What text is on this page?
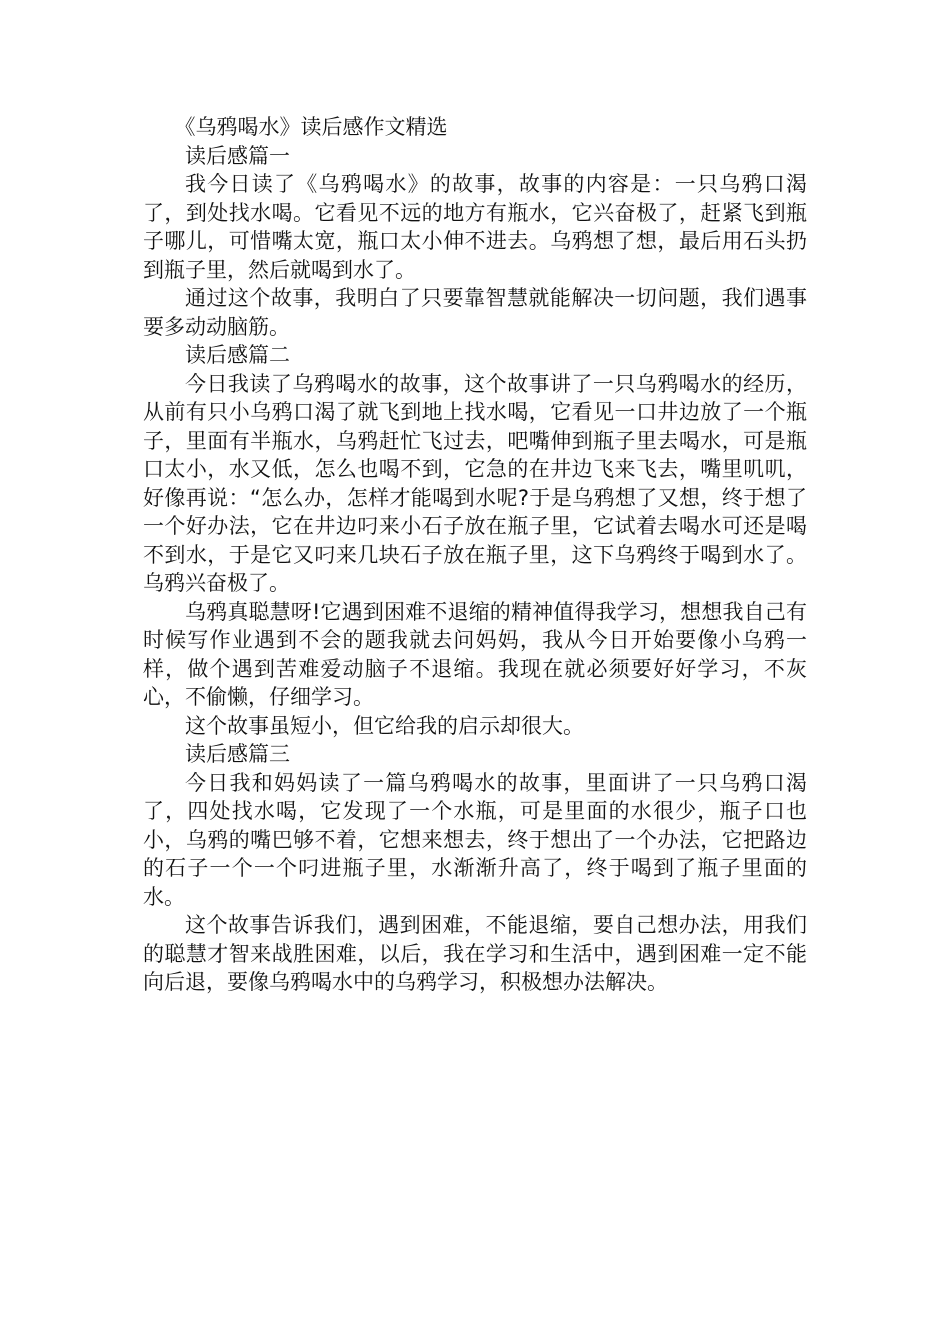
《乌鸦喝水》读后感作文精选

读后感篇一

我今日读了《乌鸦喝水》的故事，故事的内容是：一只乌鸦口渴了，到处找水喝。它看见不远的地方有瓶水，它兴奋极了，赶紧飞到瓶子哪儿，可惜嘴太宽，瓶口太小伸不进去。乌鸦想了想，最后用石头扔到瓶子里，然后就喝到水了。

通过这个故事，我明白了只要靠智慧就能解决一切问题，我们遇事要多动动脑筋。

读后感篇二

今日我读了乌鸦喝水的故事，这个故事讲了一只乌鸦喝水的经历，从前有只小乌鸦口渴了就飞到地上找水喝，它看见一口井边放了一个瓶子，里面有半瓶水，乌鸦赶忙飞过去，吧嘴伸到瓶子里去喝水，可是瓶口太小，水又低，怎么也喝不到，它急的在井边飞来飞去，嘴里叽叽，好像再说：“怎么办，怎样才能喝到水呢?于是乌鸦想了又想，终于想了一个好办法，它在井边叼来小石子放在瓶子里，它试着去喝水可还是喝不到水，于是它又叼来几块石子放在瓶子里，这下乌鸦终于喝到水了。乌鸦兴奋极了。

乌鸦真聪慧呀!它遇到困难不退缩的精神值得我学习，想想我自己有时候写作业遇到不会的题我就去问妈妈，我从今日开始要像小乌鸦一样，做个遇到苦难爱动脑子不退缩。我现在就必须要好好学习，不灰心，不偷懒，仔细学习。

这个故事虽短小，但它给我的启示却很大。

读后感篇三

今日我和妈妈读了一篇乌鸦喝水的故事，里面讲了一只乌鸦口渴了，四处找水喝，它发现了一个水瓶，可是里面的水很少，瓶子口也小，乌鸦的嘴巴够不着，它想来想去，终于想出了一个办法，它把路边的石子一个一个叼进瓶子里，水渐渐升高了，终于喝到了瓶子里面的水。

这个故事告诉我们，遇到困难，不能退缩，要自己想办法，用我们的聪慧才智来战胜困难，以后，我在学习和生活中，遇到困难一定不能向后退，要像乌鸦喝水中的乌鸦学习，积极想办法解决。
